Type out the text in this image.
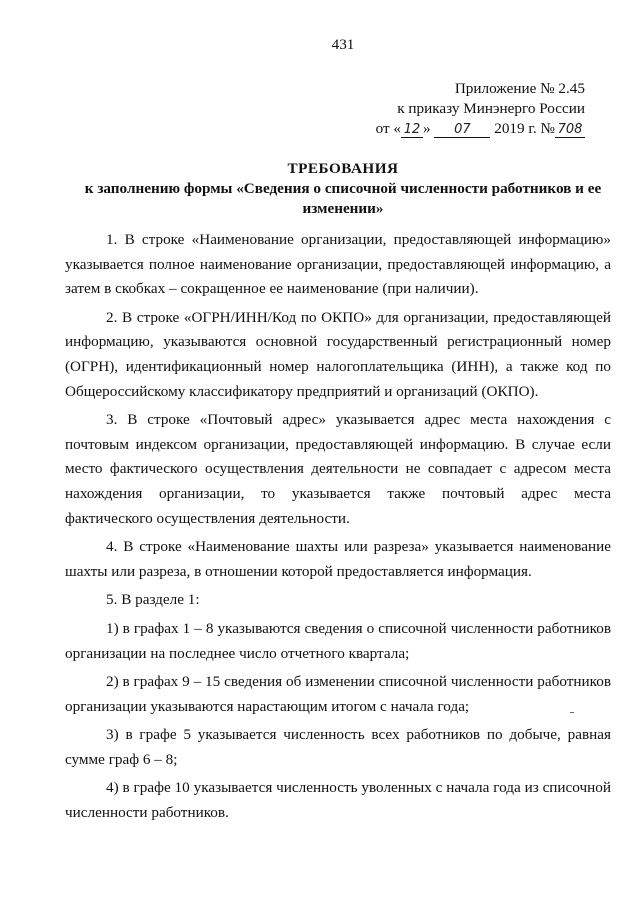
431
Приложение № 2.45
к приказу Минэнерго России
от « 12 » 07 2019 г. № 708
ТРЕБОВАНИЯ
к заполнению формы «Сведения о списочной численности работников и ее изменении»

1. В строке «Наименование организации, предоставляющей информацию» указывается полное наименование организации, предоставляющей информацию, а затем в скобках – сокращенное ее наименование (при наличии).

2. В строке «ОГРН/ИНН/Код по ОКПО» для организации, предоставляющей информацию, указываются основной государственный регистрационный номер (ОГРН), идентификационный номер налогоплательщика (ИНН), а также код по Общероссийскому классификатору предприятий и организаций (ОКПО).

3. В строке «Почтовый адрес» указывается адрес места нахождения с почтовым индексом организации, предоставляющей информацию. В случае если место фактического осуществления деятельности не совпадает с адресом места нахождения организации, то указывается также почтовый адрес места фактического осуществления деятельности.

4. В строке «Наименование шахты или разреза» указывается наименование шахты или разреза, в отношении которой предоставляется информация.

5. В разделе 1:

1) в графах 1 – 8 указываются сведения о списочной численности работников организации на последнее число отчетного квартала;

2) в графах 9 – 15 сведения об изменении списочной численности работников организации указываются нарастающим итогом с начала года;

3) в графе 5 указывается численность всех работников по добыче, равная сумме граф 6 – 8;

4) в графе 10 указывается численность уволенных с начала года из списочной численности работников.
